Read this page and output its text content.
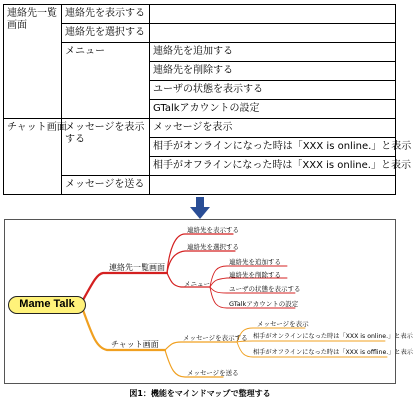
連絡先一覧画面	連絡先を表示する	
	連絡先を選択する	
	メニュー	連絡先を追加する
		連絡先を削除する
		ユーザの状態を表示する
		GTalkアカウントの設定
チャット画面	メッセージを表示する	メッセージを表示
		相手がオンラインになった時は「XXX is online.」と表示
		相手がオフラインになった時は「XXX is online.」と表示
	メッセージを送る	
Mame Talk
連絡先一覧画面
連絡先を表示する
連絡先を選択する
メニュー
連絡先を追加する
連絡先を削除する
ユーザの状態を表示する
GTalkアカウントの設定
チャット画面
メッセージを表示する
メッセージを送る
メッセージを表示
相手がオンラインになった時は「XXX is online.」と表示
相手がオフラインになった時は「XXX is offline.」と表示
図1：機能をマインドマップで整理する
